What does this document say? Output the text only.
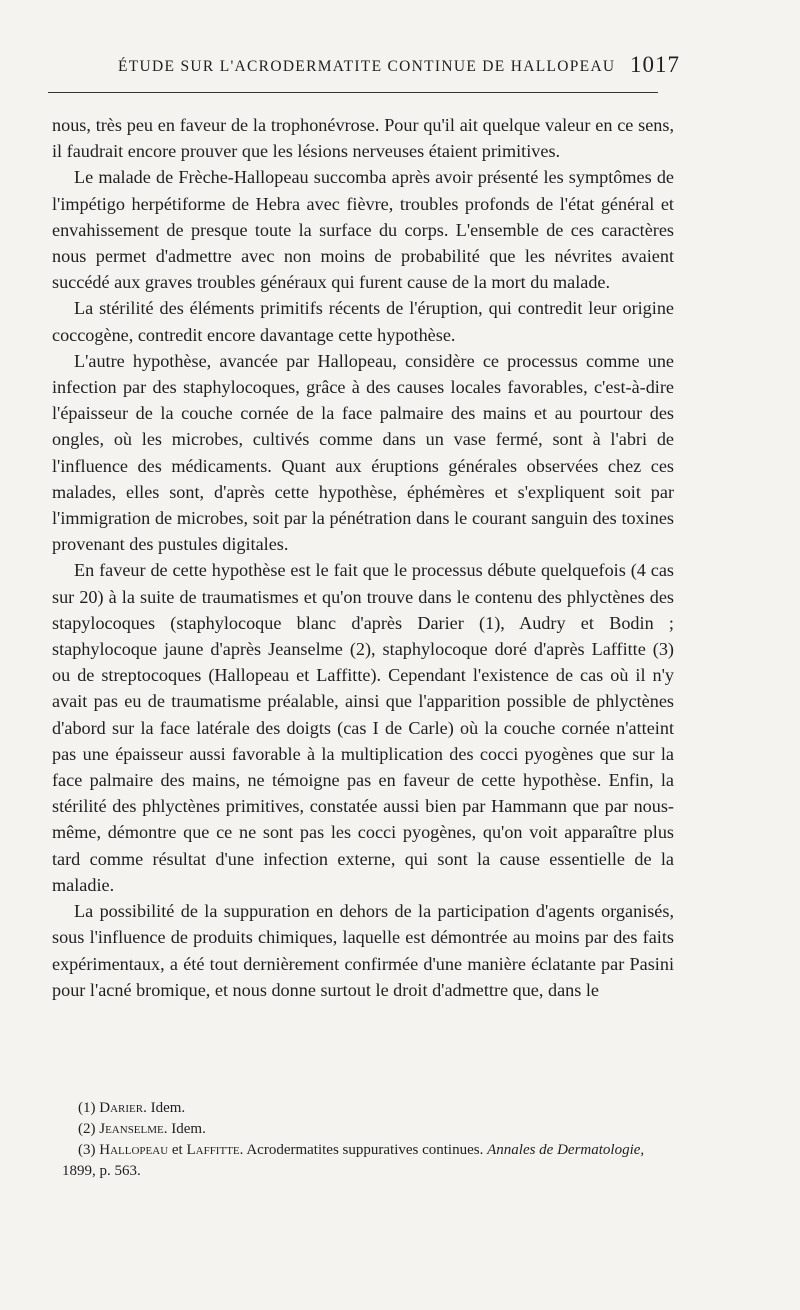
ÉTUDE SUR L'ACRODERMATITE CONTINUE DE HALLOPEAU 1017

nous, très peu en faveur de la trophonévrose. Pour qu'il ait quelque valeur en ce sens, il faudrait encore prouver que les lésions nerveuses étaient primitives.

Le malade de Frèche-Hallopeau succomba après avoir présenté les symptômes de l'impétigo herpétiforme de Hebra avec fièvre, troubles profonds de l'état général et envahissement de presque toute la surface du corps. L'ensemble de ces caractères nous permet d'admettre avec non moins de probabilité que les névrites avaient succédé aux graves troubles généraux qui furent cause de la mort du malade.

La stérilité des éléments primitifs récents de l'éruption, qui contredit leur origine coccogène, contredit encore davantage cette hypothèse.

L'autre hypothèse, avancée par Hallopeau, considère ce processus comme une infection par des staphylocoques, grâce à des causes locales favorables, c'est-à-dire l'épaisseur de la couche cornée de la face palmaire des mains et au pourtour des ongles, où les microbes, cultivés comme dans un vase fermé, sont à l'abri de l'influence des médicaments. Quant aux éruptions générales observées chez ces malades, elles sont, d'après cette hypothèse, éphémères et s'expliquent soit par l'immigration de microbes, soit par la pénétration dans le courant sanguin des toxines provenant des pustules digitales.

En faveur de cette hypothèse est le fait que le processus débute quelquefois (4 cas sur 20) à la suite de traumatismes et qu'on trouve dans le contenu des phlyctènes des stapylocoques (staphylocoque blanc d'après Darier (1), Audry et Bodin ; staphylocoque jaune d'après Jeanselme (2), staphylocoque doré d'après Laffitte (3) ou de streptocoques (Hallopeau et Laffitte). Cependant l'existence de cas où il n'y avait pas eu de traumatisme préalable, ainsi que l'apparition possible de phlyctènes d'abord sur la face latérale des doigts (cas I de Carle) où la couche cornée n'atteint pas une épaisseur aussi favorable à la multiplication des cocci pyogènes que sur la face palmaire des mains, ne témoigne pas en faveur de cette hypothèse. Enfin, la stérilité des phlyctènes primitives, constatée aussi bien par Hammann que par nous-même, démontre que ce ne sont pas les cocci pyogènes, qu'on voit apparaître plus tard comme résultat d'une infection externe, qui sont la cause essentielle de la maladie.

La possibilité de la suppuration en dehors de la participation d'agents organisés, sous l'influence de produits chimiques, laquelle est démontrée au moins par des faits expérimentaux, a été tout dernièrement confirmée d'une manière éclatante par Pasini pour l'acné bromique, et nous donne surtout le droit d'admettre que, dans le

(1) Darier. Idem.

(2) Jeanselme. Idem.

(3) Hallopeau et Laffitte. Acrodermatites suppuratives continues. Annales de Dermatologie, 1899, p. 563.
